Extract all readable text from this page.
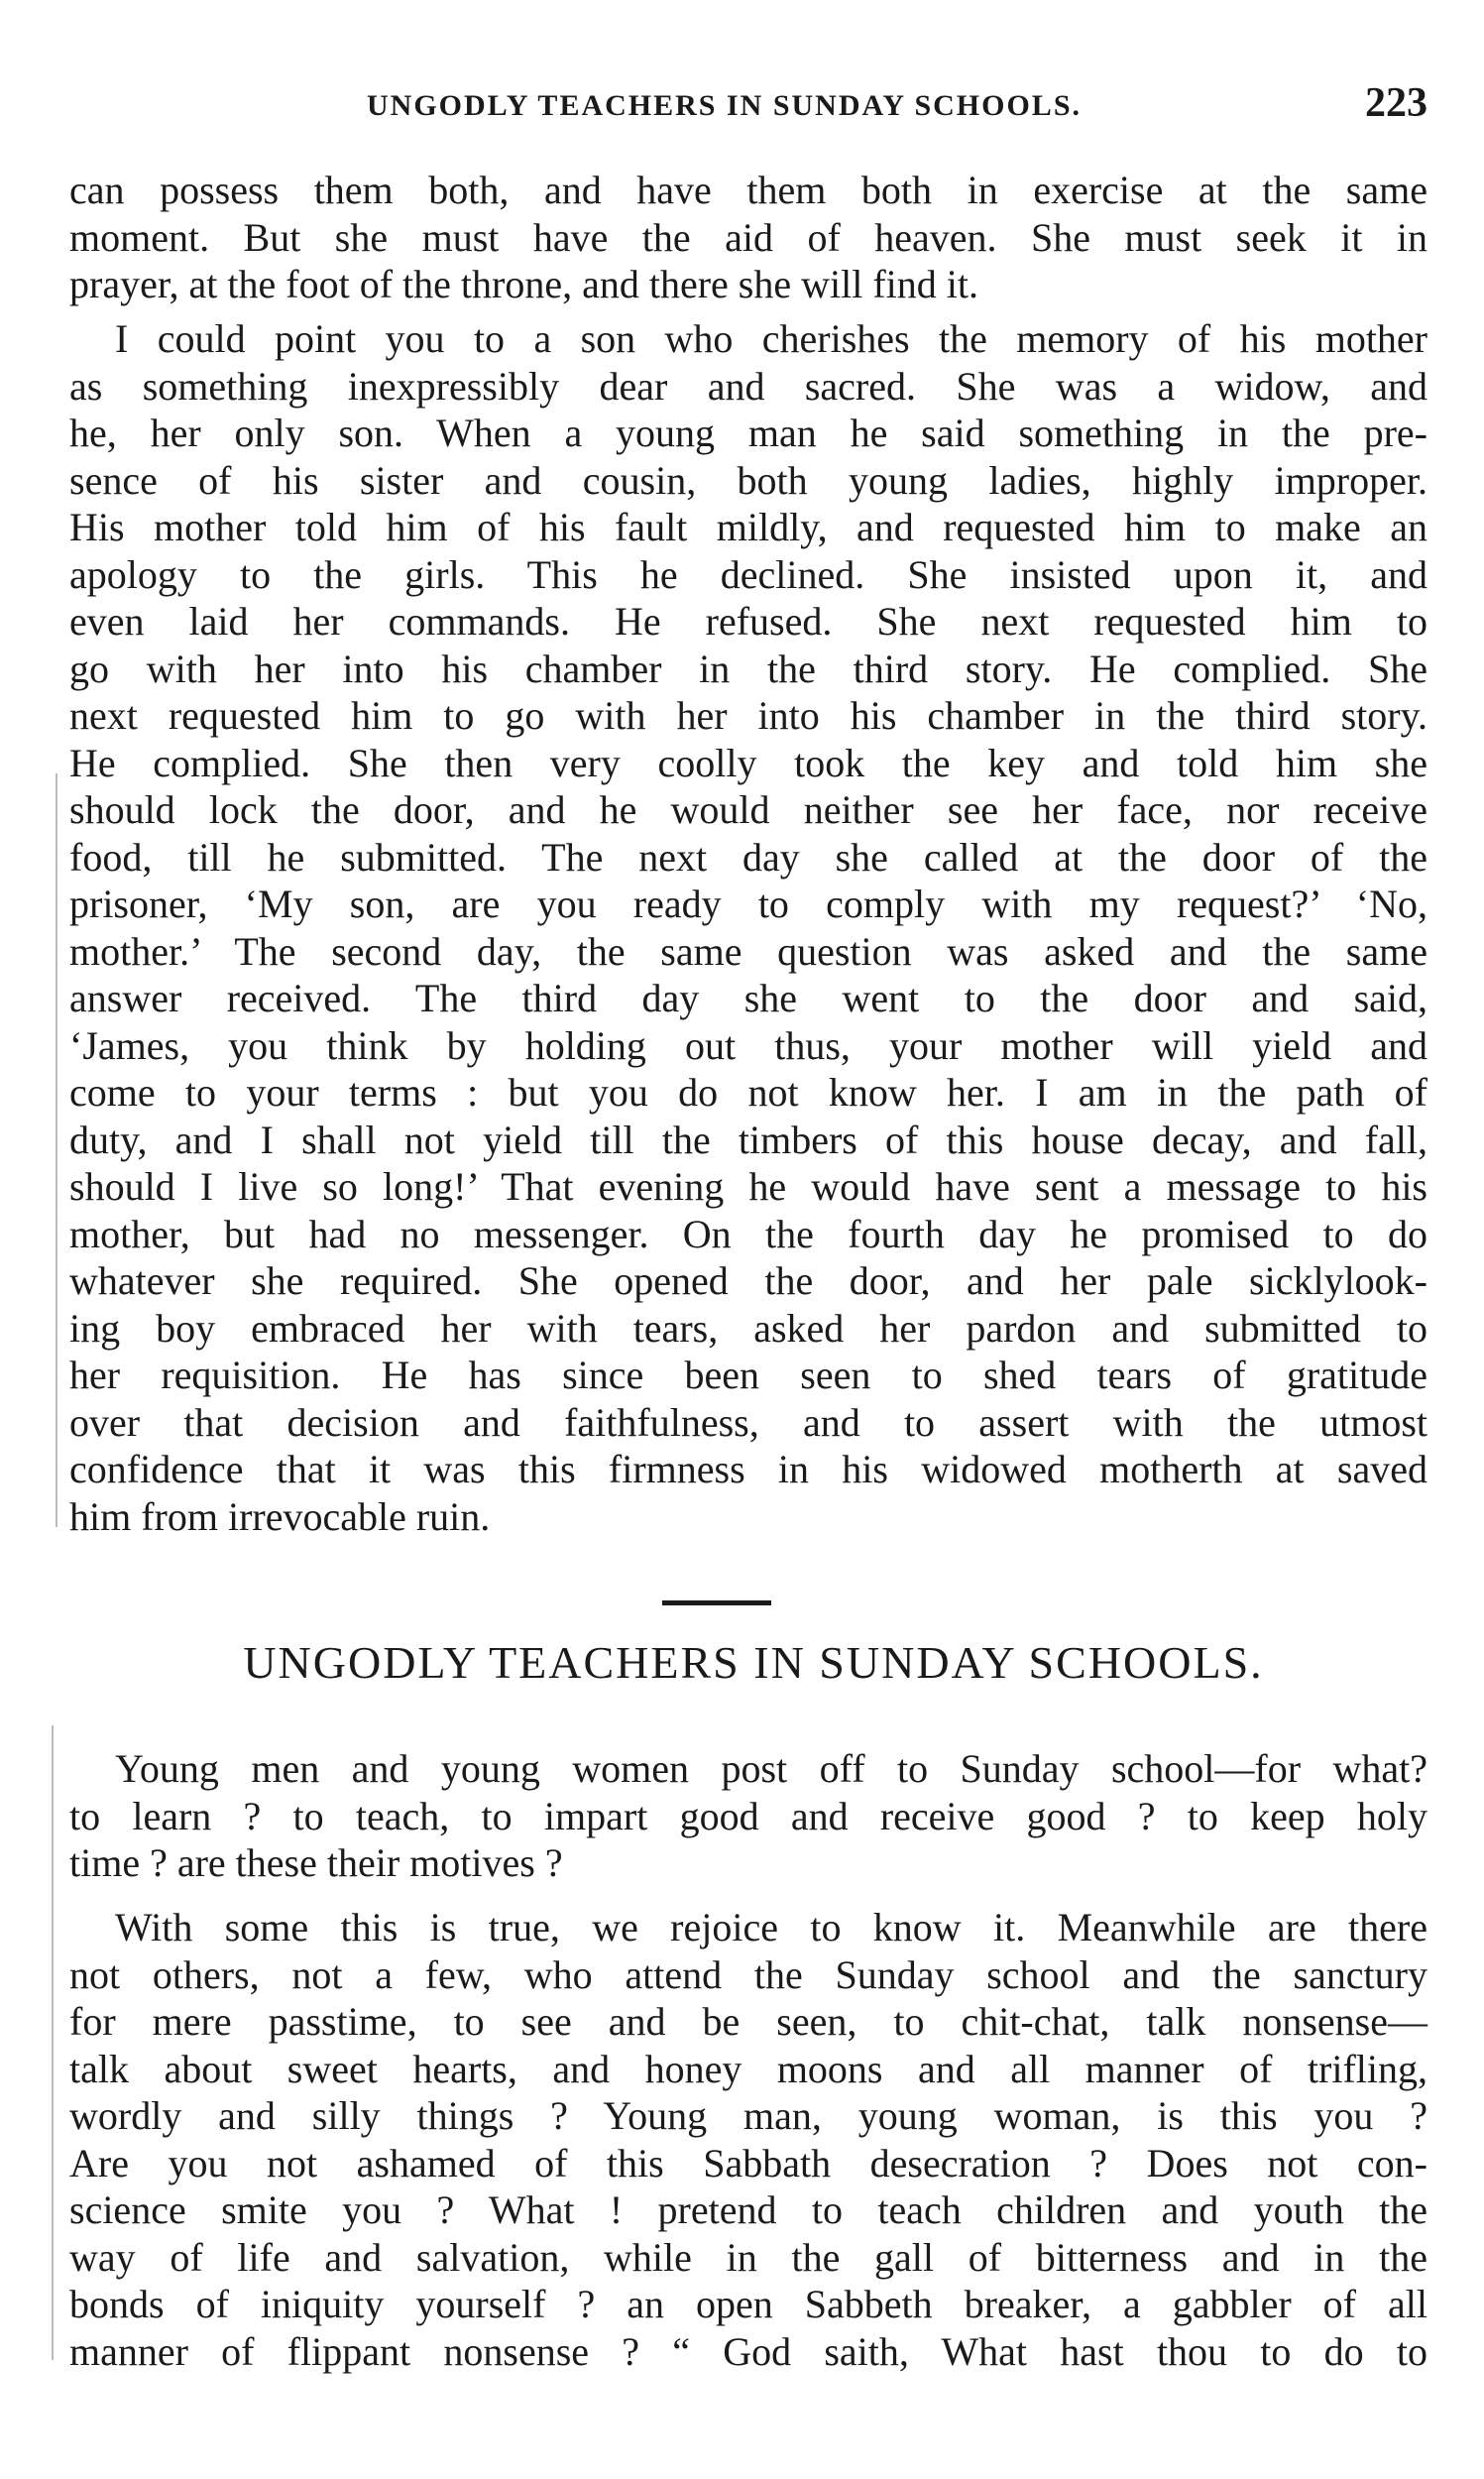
UNGODLY TEACHERS IN SUNDAY SCHOOLS.	223

can possess them both, and have them both in exercise at the same
moment. But she must have the aid of heaven. She must seek it in
prayer, at the foot of the throne, and there she will find it.

I could point you to a son who cherishes the memory of his mother
as something inexpressibly dear and sacred. She was a widow, and
he, her only son. When a young man he said something in the pre-
sence of his sister and cousin, both young ladies, highly improper.
His mother told him of his fault mildly, and requested him to make an
apology to the girls. This he declined. She insisted upon it, and
even laid her commands. He refused. She next requested him to
go with her into his chamber in the third story. He complied. She
next requested him to go with her into his chamber in the third story.
He complied. She then very coolly took the key and told him she
should lock the door, and he would neither see her face, nor receive
food, till he submitted. The next day she called at the door of the
prisoner, ‘My son, are you ready to comply with my request?’ ‘No,
mother.’ The second day, the same question was asked and the same
answer received. The third day she went to the door and said,
‘James, you think by holding out thus, your mother will yield and
come to your terms : but you do not know her. I am in the path of
duty, and I shall not yield till the timbers of this house decay, and fall,
should I live so long!’ That evening he would have sent a message to his
mother, but had no messenger. On the fourth day he promised to do
whatever she required. She opened the door, and her pale sicklylook-
ing boy embraced her with tears, asked her pardon and submitted to
her requisition. He has since been seen to shed tears of gratitude
over that decision and faithfulness, and to assert with the utmost
confidence that it was this firmness in his widowed motherth at saved
him from irrevocable ruin.

UNGODLY TEACHERS IN SUNDAY SCHOOLS.

Young men and young women post off to Sunday school—for what?
to learn ? to teach, to impart good and receive good ? to keep holy
time ? are these their motives ?

With some this is true, we rejoice to know it. Meanwhile are there
not others, not a few, who attend the Sunday school and the sanctury
for mere passtime, to see and be seen, to chit-chat, talk nonsense—
talk about sweet hearts, and honey moons and all manner of trifling,
wordly and silly things ? Young man, young woman, is this you ?
Are you not ashamed of this Sabbath desecration ? Does not con-
science smite you ? What ! pretend to teach children and youth the
way of life and salvation, while in the gall of bitterness and in the
bonds of iniquity yourself ? an open Sabbeth breaker, a gabbler of all
manner of flippant nonsense ? “ God saith, What hast thou to do to
